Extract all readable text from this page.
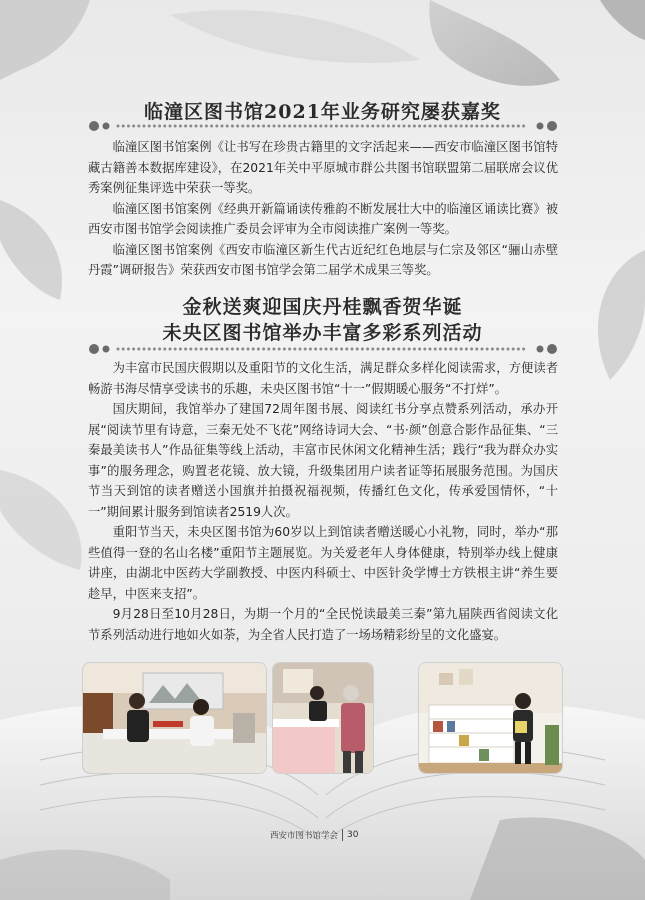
临潼区图书馆2021年业务研究屡获嘉奖

临潼区图书馆案例《让书写在珍贵古籍里的文字活起来——西安市临潼区图书馆特藏古籍善本数据库建设》，在2021年关中平原城市群公共图书馆联盟第二届联席会议优秀案例征集评选中荣获一等奖。

临潼区图书馆案例《经典开新篇诵读传雅韵不断发展壮大中的临潼区诵读比赛》被西安市图书馆学会阅读推广委员会评审为全市阅读推广案例一等奖。

临潼区图书馆案例《西安市临潼区新生代古近纪红色地层与仁宗及邻区“骊山赤壁丹霞”调研报告》荣获西安市图书馆学会第二届学术成果三等奖。

金秋送爽迎国庆丹桂飘香贺华诞
未央区图书馆举办丰富多彩系列活动

为丰富市民国庆假期以及重阳节的文化生活，满足群众多样化阅读需求，方便读者畅游书海尽情享受读书的乐趣，未央区图书馆“十一”假期暖心服务“不打烊”。

国庆期间，我馆举办了建国72周年图书展、阅读红书分享点赞系列活动，承办开展“阅读节里有诗意，三秦无处不飞花”网络诗词大会、“书·颜”创意合影作品征集、“三秦最美读书人”作品征集等线上活动，丰富市民休闲文化精神生活；践行“我为群众办实事”的服务理念，购置老花镜、放大镜，升级集团用户读者证等拓展服务范围。为国庆节当天到馆的读者赠送小国旗并拍摄祝福视频，传播红色文化，传承爱国情怀，“十一”期间累计服务到馆读者2519人次。

重阳节当天，未央区图书馆为60岁以上到馆读者赠送暖心小礼物，同时，举办“那些值得一登的名山名楼”重阳节主题展览。为关爱老年人身体健康，特别举办线上健康讲座，由湖北中医药大学副教授、中医内科硕士、中医针灸学博士方铁根主讲“养生要趁早，中医来支招”。

9月28日至10月28日，为期一个月的“全民悦读最美三秦”第九届陕西省阅读文化节系列活动进行地如火如荼，为全省人民打造了一场场精彩纷呈的文化盛宴。

西安市图书馆学会	30
